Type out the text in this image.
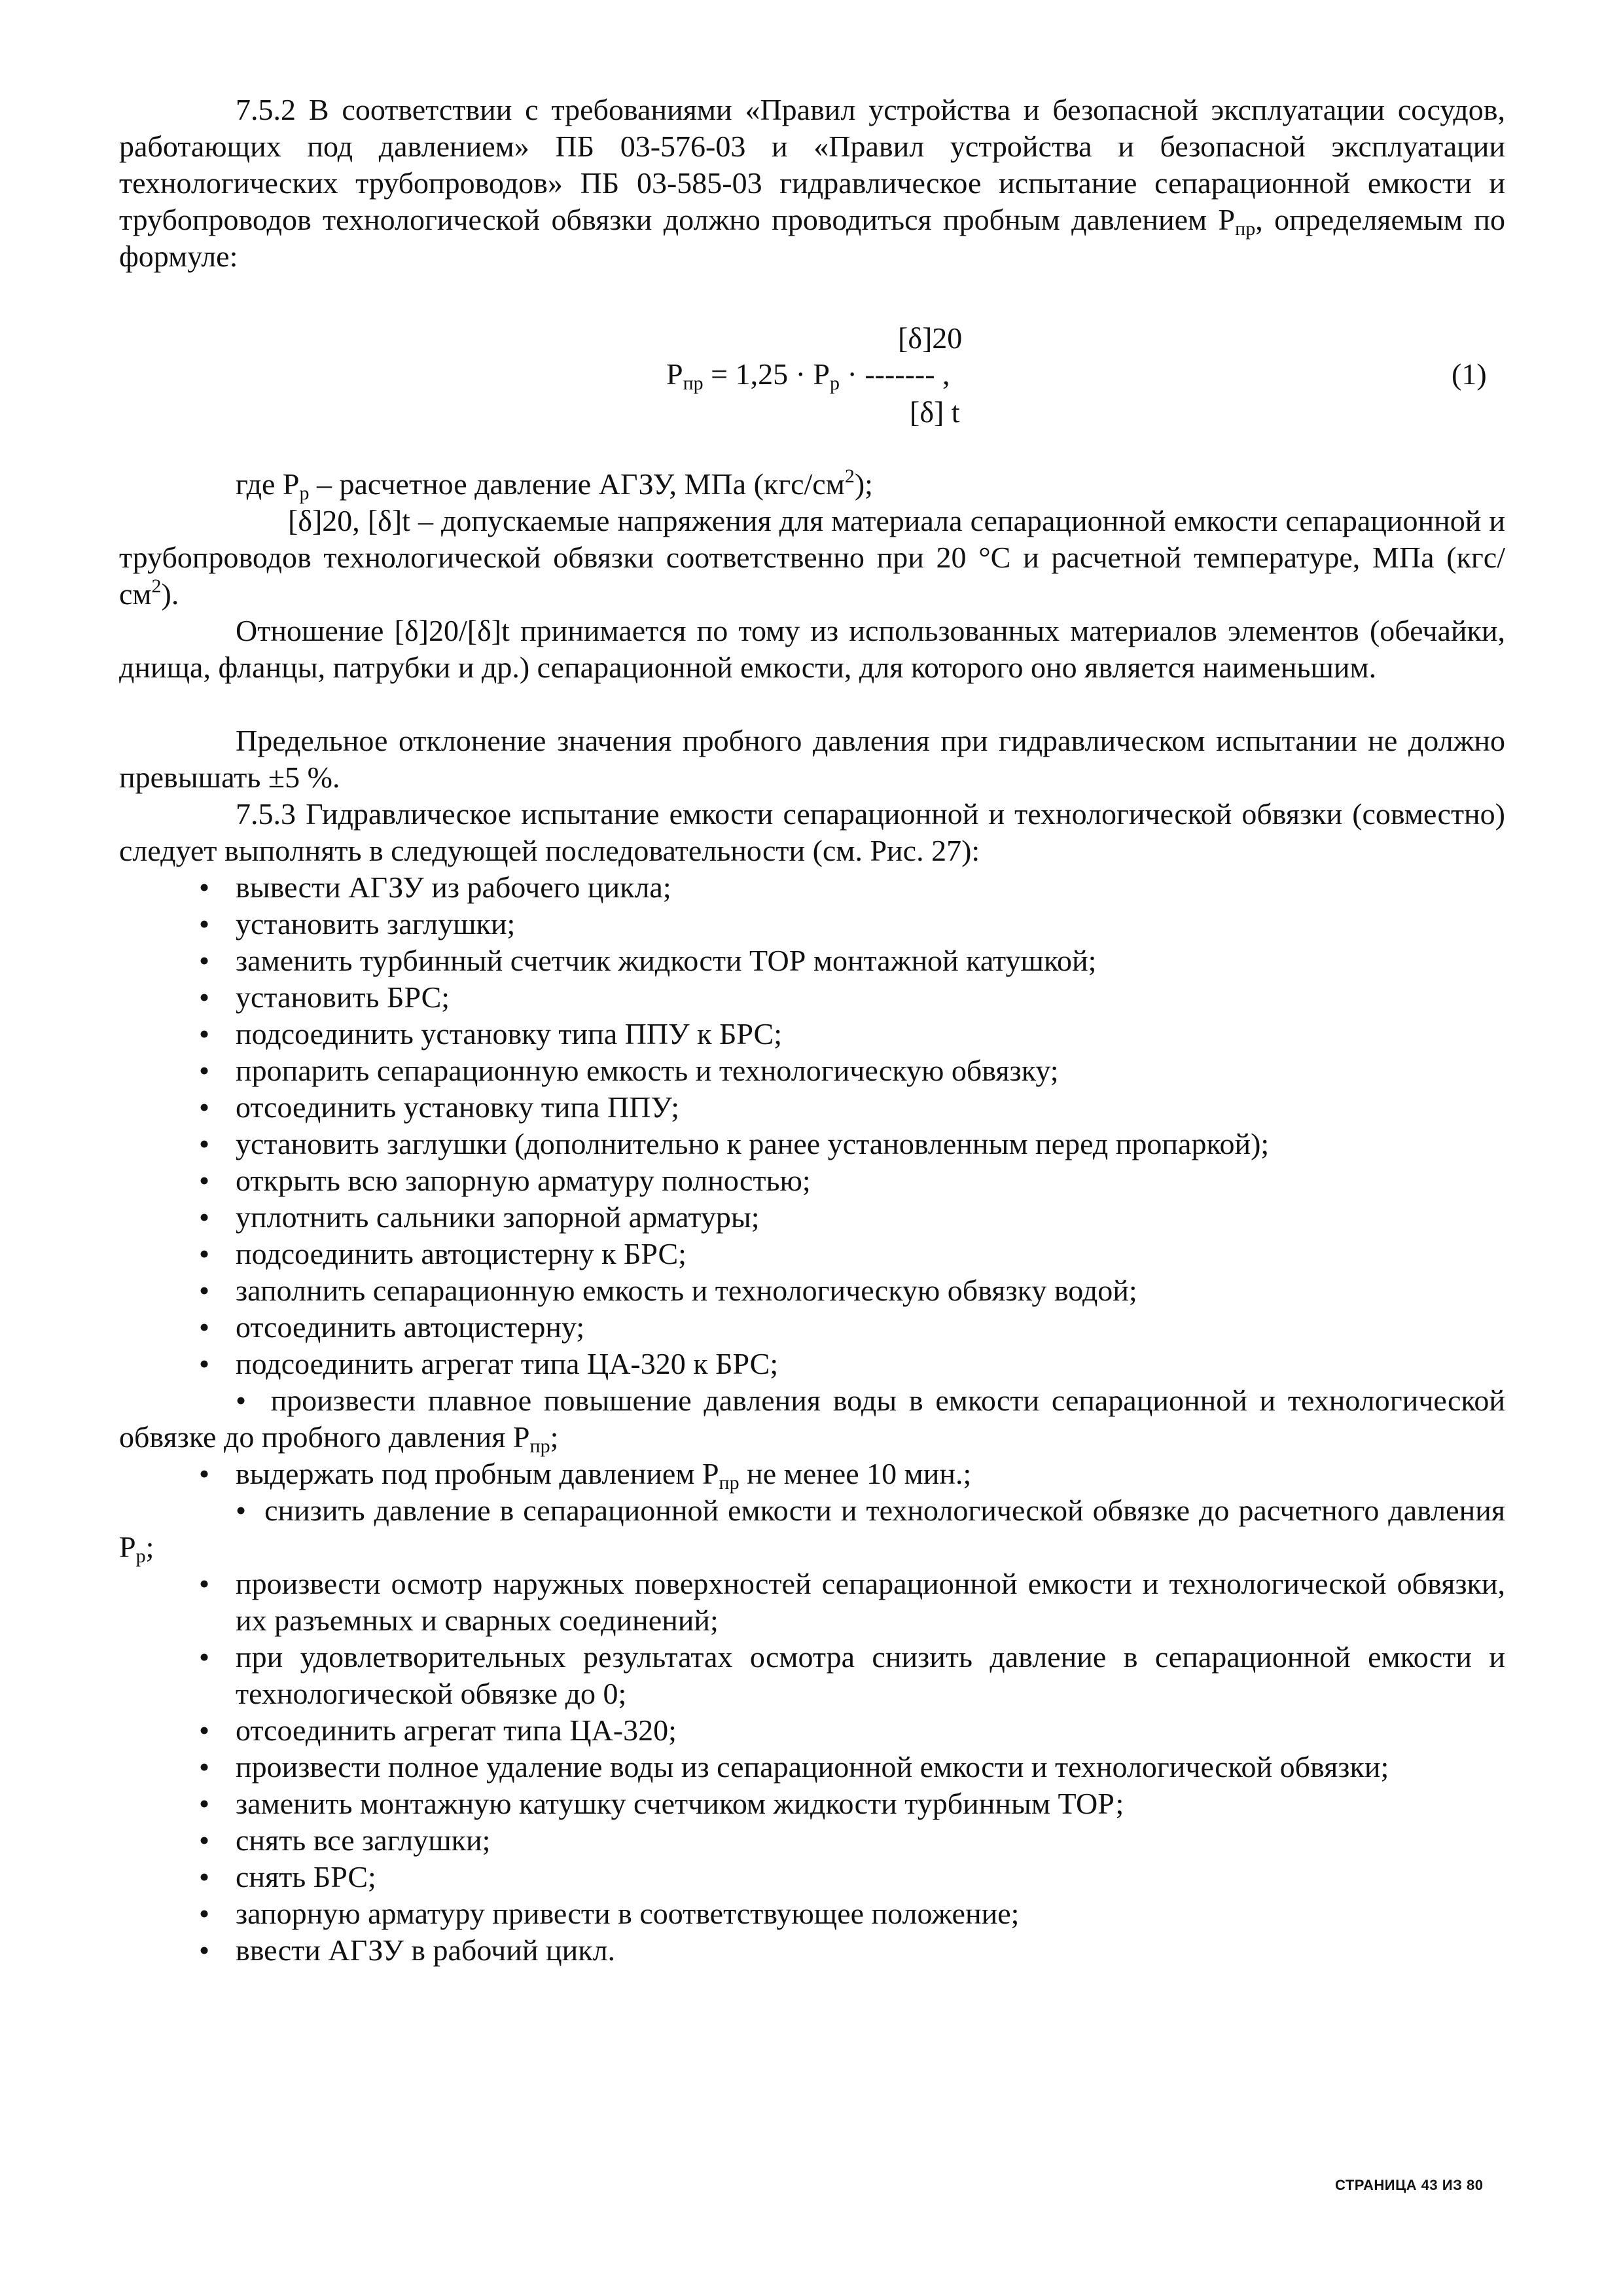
7.5.2 В соответствии с требованиями «Правил устройства и безопасной эксплуатации сосудов, работающих под давлением» ПБ 03-576-03 и «Правил устройства и безопасной эксплуатации технологических трубопроводов» ПБ 03-585-03 гидравлическое испытание сепарационной емкости и трубопроводов технологической обвязки должно проводиться пробным давлением $Р_{пр}$, определяемым по формуле:
[δ]20
$Р_{пр} = 1,25 \cdot Р_р$ · ------- ,
[δ] t
(1)
где $Р_р$ – расчетное давление АГЗУ, МПа $(кгс/см^2)$;
[δ]20, [δ]t – допускаемые напряжения для материала сепарационной емкости сепарационной и трубопроводов технологической обвязки соответственно при 20 °С и расчетной температуре, МПа $(кгс/см^2)$.
Отношение [δ]20/[δ]t принимается по тому из использованных материалов элементов (обечайки, днища, фланцы, патрубки и др.) сепарационной емкости, для которого оно является наименьшим.
Предельное отклонение значения пробного давления при гидравлическом испытании не должно превышать ±5 %.
7.5.3 Гидравлическое испытание емкости сепарационной и технологической обвязки (совместно) следует выполнять в следующей последовательности (см. Рис. 27):

• вывести АГЗУ из рабочего цикла;

• установить заглушки;

• заменить турбинный счетчик жидкости ТОР монтажной катушкой;

• установить БРС;

• подсоединить установку типа ППУ к БРС;

• пропарить сепарационную емкость и технологическую обвязку;

• отсоединить установку типа ППУ;

• установить заглушки (дополнительно к ранее установленным перед пропаркой);

• открыть всю запорную арматуру полностью;

• уплотнить сальники запорной арматуры;

• подсоединить автоцистерну к БРС;

• заполнить сепарационную емкость и технологическую обвязку водой;

• отсоединить автоцистерну;

• подсоединить агрегат типа ЦА-320 к БРС;

•  произвести плавное повышение давления воды в емкости сепарационной и технологической обвязке до пробного давления $Р_{пр}$;

• выдержать под пробным давлением $Р_{пр}$ не менее 10 мин.;

•  снизить давление в сепарационной емкости и технологической обвязке до расчетного давления $Р_р$;

• произвести осмотр наружных поверхностей сепарационной емкости и технологической обвязки, их разъемных и сварных соединений;

• при удовлетворительных результатах осмотра снизить давление в сепарационной емкости и технологической обвязке до 0;

• отсоединить агрегат типа ЦА-320;

• произвести полное удаление воды из сепарационной емкости и технологической обвязки;

• заменить монтажную катушку счетчиком жидкости турбинным ТОР;

• снять все заглушки;

• снять БРС;

• запорную арматуру привести в соответствующее положение;

• ввести АГЗУ в рабочий цикл.

СТРАНИЦА 43 ИЗ 80
